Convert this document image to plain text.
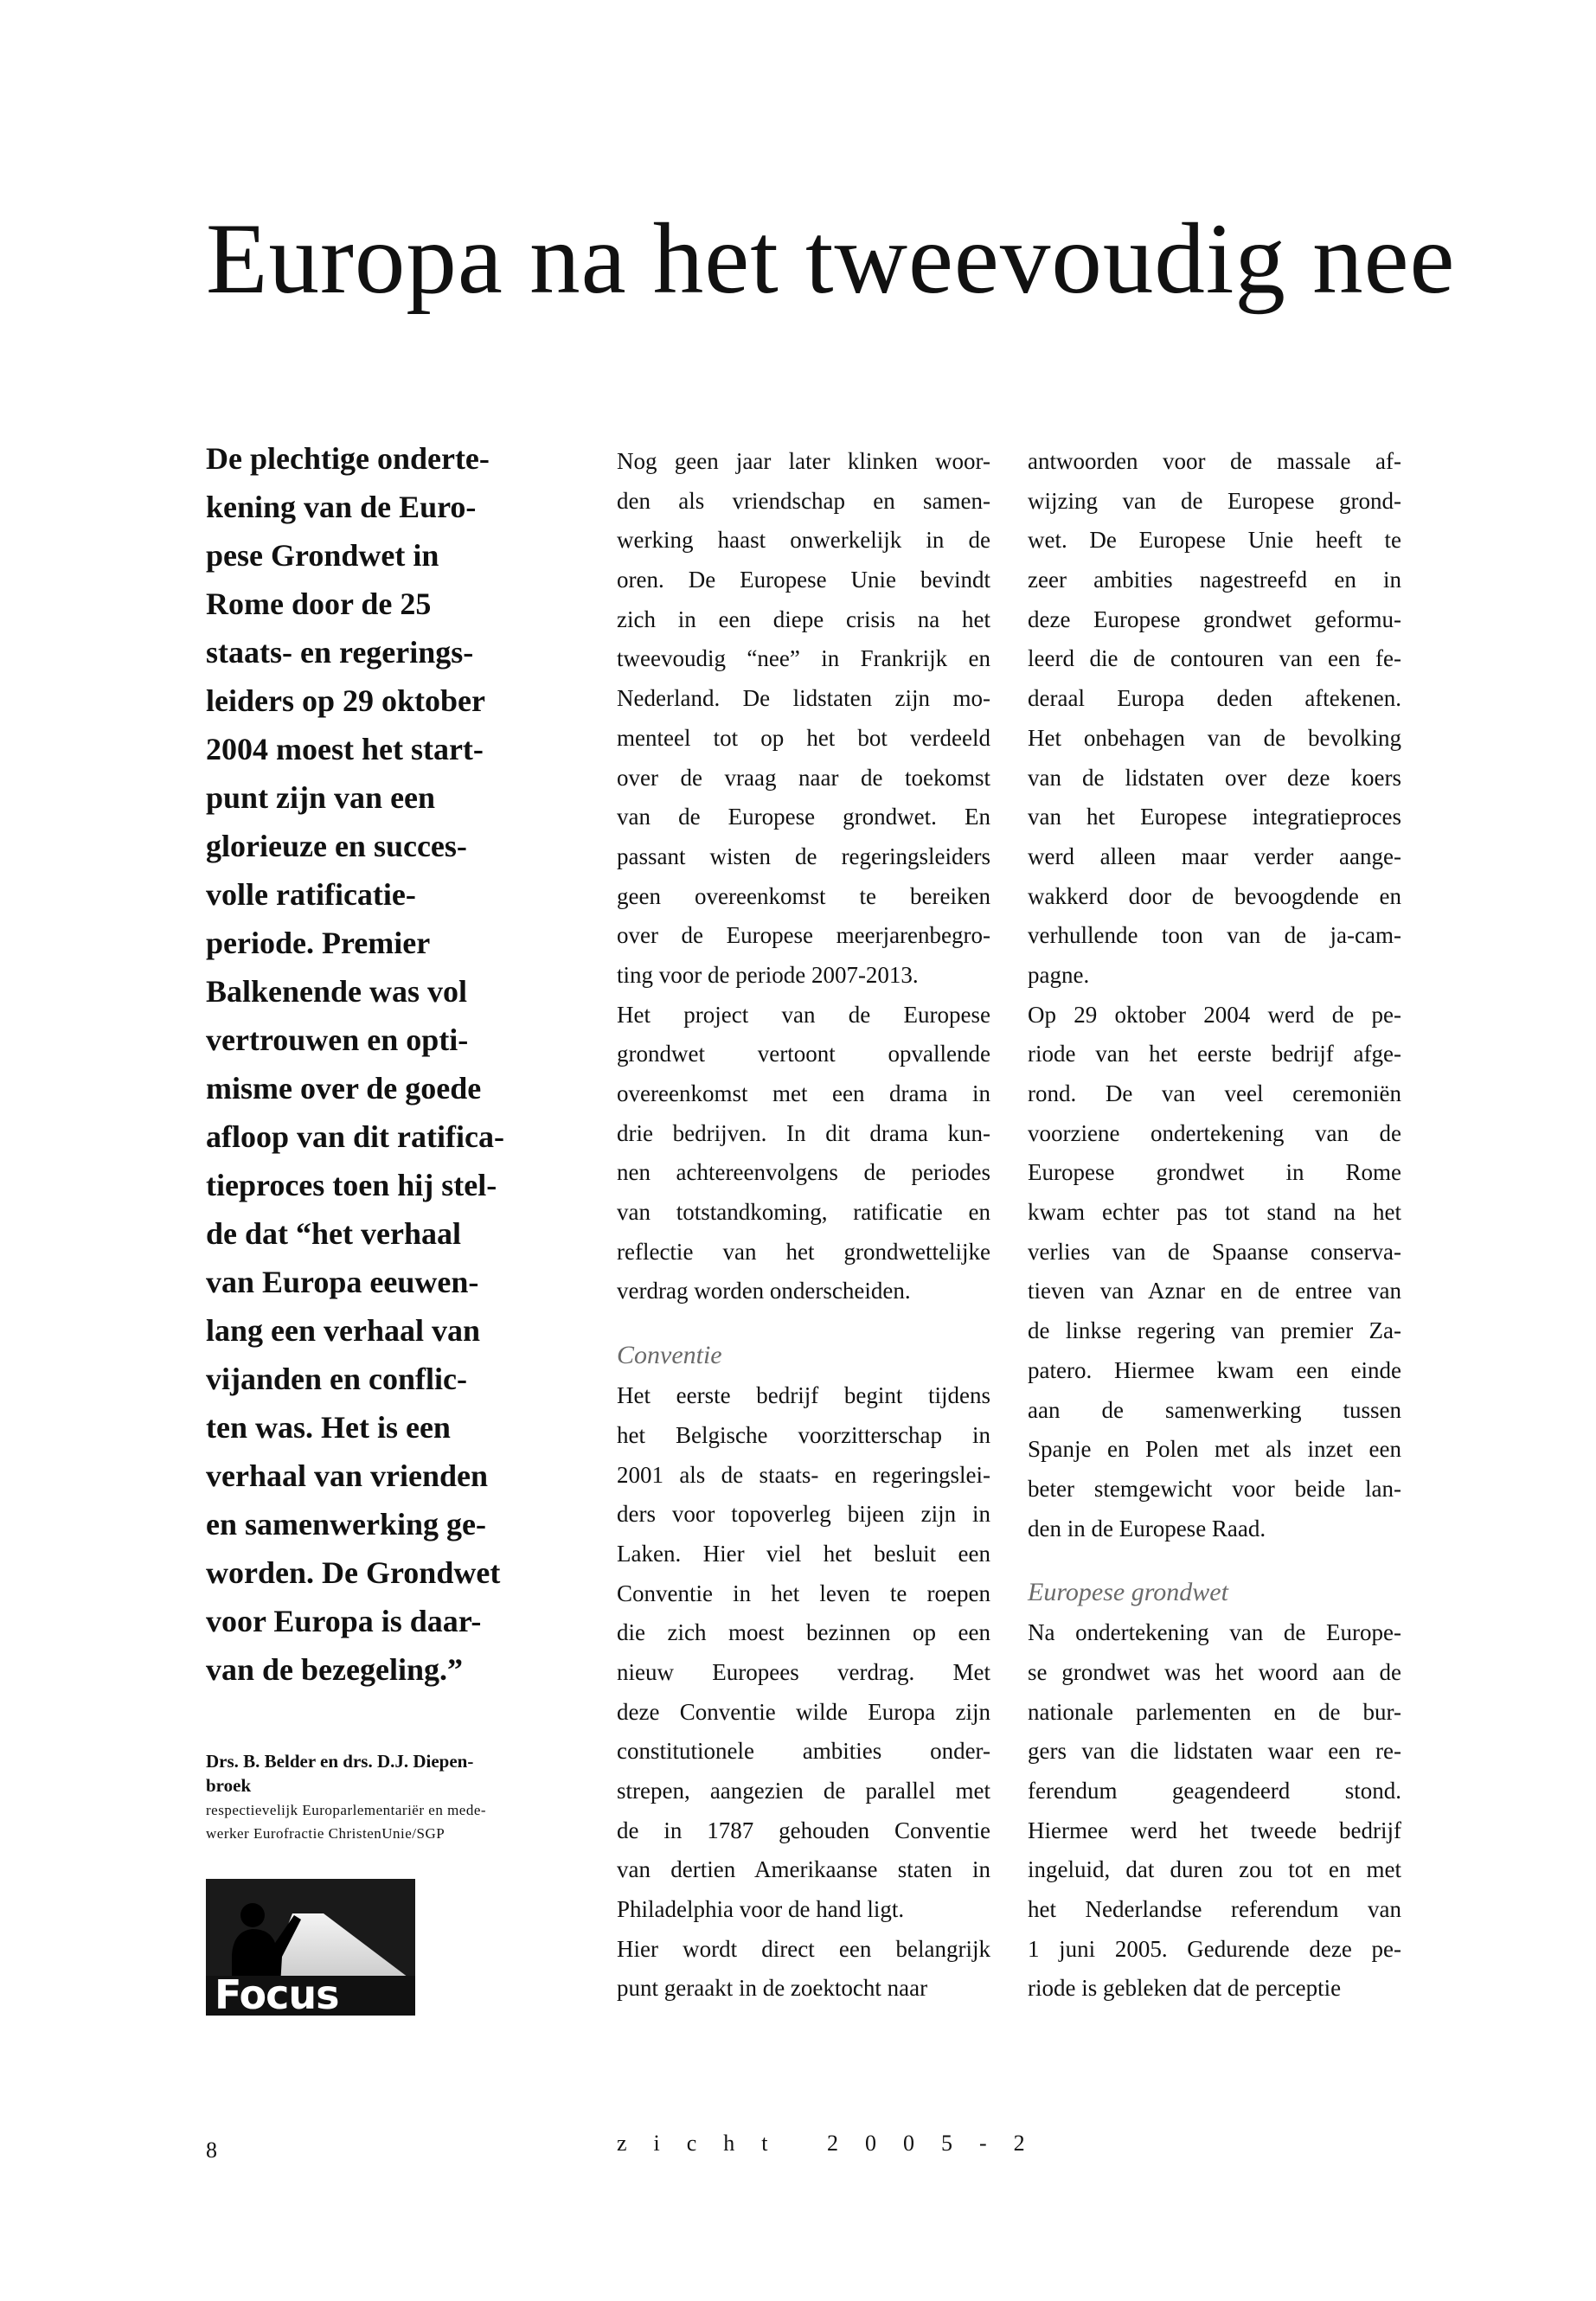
Europa na het tweevoudig nee
De plechtige onderte-
kening van de Euro-
pese Grondwet in
Rome door de 25
staats- en regerings-
leiders op 29 oktober
2004 moest het start-
punt zijn van een
glorieuze en succes-
volle ratificatie-
periode. Premier
Balkenende was vol
vertrouwen en opti-
misme over de goede
afloop van dit ratifica-
tieproces toen hij stel-
de dat “het verhaal
van Europa eeuwen-
lang een verhaal van
vijanden en conflic-
ten was. Het is een
verhaal van vrienden
en samenwerking ge-
worden. De Grondwet
voor Europa is daar-
van de bezegeling.”
Drs. B. Belder en drs. D.J. Diepen-
broek
respectievelijk Europarlementariër en mede-
werker Eurofractie ChristenUnie/SGP
Focus
Nog geen jaar later klinken woor-
den als vriendschap en samen-
werking haast onwerkelijk in de
oren. De Europese Unie bevindt
zich in een diepe crisis na het
tweevoudig “nee” in Frankrijk en
Nederland. De lidstaten zijn mo-
menteel tot op het bot verdeeld
over de vraag naar de toekomst
van de Europese grondwet. En
passant wisten de regeringsleiders
geen overeenkomst te bereiken
over de Europese meerjarenbegro-
ting voor de periode 2007-2013.
Het project van de Europese
grondwet vertoont opvallende
overeenkomst met een drama in
drie bedrijven. In dit drama kun-
nen achtereenvolgens de periodes
van totstandkoming, ratificatie en
reflectie van het grondwettelijke
verdrag worden onderscheiden.
Conventie
Het eerste bedrijf begint tijdens
het Belgische voorzitterschap in
2001 als de staats- en regeringslei-
ders voor topoverleg bijeen zijn in
Laken. Hier viel het besluit een
Conventie in het leven te roepen
die zich moest bezinnen op een
nieuw Europees verdrag. Met
deze Conventie wilde Europa zijn
constitutionele ambities onder-
strepen, aangezien de parallel met
de in 1787 gehouden Conventie
van dertien Amerikaanse staten in
Philadelphia voor de hand ligt.
Hier wordt direct een belangrijk
punt geraakt in de zoektocht naar
antwoorden voor de massale af-
wijzing van de Europese grond-
wet. De Europese Unie heeft te
zeer ambities nagestreefd en in
deze Europese grondwet geformu-
leerd die de contouren van een fe-
deraal Europa deden aftekenen.
Het onbehagen van de bevolking
van de lidstaten over deze koers
van het Europese integratieproces
werd alleen maar verder aange-
wakkerd door de bevoogdende en
verhullende toon van de ja-cam-
pagne.
Op 29 oktober 2004 werd de pe-
riode van het eerste bedrijf afge-
rond. De van veel ceremoniën
voorziene ondertekening van de
Europese grondwet in Rome
kwam echter pas tot stand na het
verlies van de Spaanse conserva-
tieven van Aznar en de entree van
de linkse regering van premier Za-
patero. Hiermee kwam een einde
aan de samenwerking tussen
Spanje en Polen met als inzet een
beter stemgewicht voor beide lan-
den in de Europese Raad.
Europese grondwet
Na ondertekening van de Europe-
se grondwet was het woord aan de
nationale parlementen en de bur-
gers van die lidstaten waar een re-
ferendum geagendeerd stond.
Hiermee werd het tweede bedrijf
ingeluid, dat duren zou tot en met
het Nederlandse referendum van
1 juni 2005. Gedurende deze pe-
riode is gebleken dat de perceptie
8	zicht 2005-2
